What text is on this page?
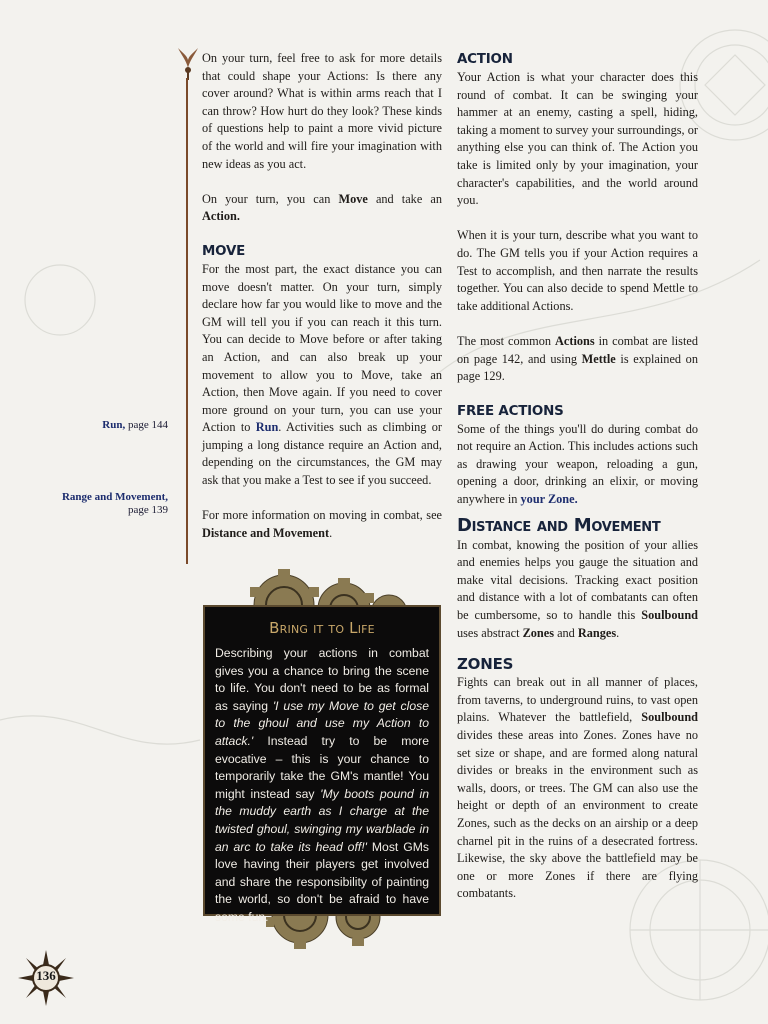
Run, page 144
Range and Movement,
page 139

On your turn, feel free to ask for more details that could shape your Actions: Is there any cover around? What is within arms reach that I can throw? How hurt do they look? These kinds of questions help to paint a more vivid picture of the world and will fire your imagination with new ideas as you act.

On your turn, you can Move and take an Action.

MOVE

For the most part, the exact distance you can move doesn't matter. On your turn, simply declare how far you would like to move and the GM will tell you if you can reach it this turn. You can decide to Move before or after taking an Action, and can also break up your movement to allow you to Move, take an Action, then Move again. If you need to cover more ground on your turn, you can use your Action to Run. Activities such as climbing or jumping a long distance require an Action and, depending on the circumstances, the GM may ask that you make a Test to see if you succeed.

For more information on moving in combat, see Distance and Movement.

Bring it to Life
Describing your actions in combat gives you a chance to bring the scene to life. You don't need to be as formal as saying 'I use my Move to get close to the ghoul and use my Action to attack.' Instead try to be more evocative – this is your chance to temporarily take the GM's mantle! You might instead say 'My boots pound in the muddy earth as I charge at the twisted ghoul, swinging my warblade in an arc to take its head off!' Most GMs love having their players get involved and share the responsibility of painting the world, so don't be afraid to have some fun.
ACTION

Your Action is what your character does this round of combat. It can be swinging your hammer at an enemy, casting a spell, hiding, taking a moment to survey your surroundings, or anything else you can think of. The Action you take is limited only by your imagination, your character's capabilities, and the world around you.

When it is your turn, describe what you want to do. The GM tells you if your Action requires a Test to accomplish, and then narrate the results together. You can also decide to spend Mettle to take additional Actions.

The most common Actions in combat are listed on page 142, and using Mettle is explained on page 129.

FREE ACTIONS

Some of the things you'll do during combat do not require an Action. This includes actions such as drawing your weapon, reloading a gun, opening a door, drinking an elixir, or moving anywhere in your Zone.

Distance and Movement

In combat, knowing the position of your allies and enemies helps you gauge the situation and make vital decisions. Tracking exact position and distance with a lot of combatants can often be cumbersome, so to handle this Soulbound uses abstract Zones and Ranges.

ZONES

Fights can break out in all manner of places, from taverns, to underground ruins, to vast open plains. Whatever the battlefield, Soulbound divides these areas into Zones. Zones have no set size or shape, and are formed along natural divides or breaks in the environment such as walls, doors, or trees. The GM can also use the height or depth of an environment to create Zones, such as the decks on an airship or a deep charnel pit in the ruins of a desecrated fortress. Likewise, the sky above the battlefield may be one or more Zones if there are flying combatants.

136
